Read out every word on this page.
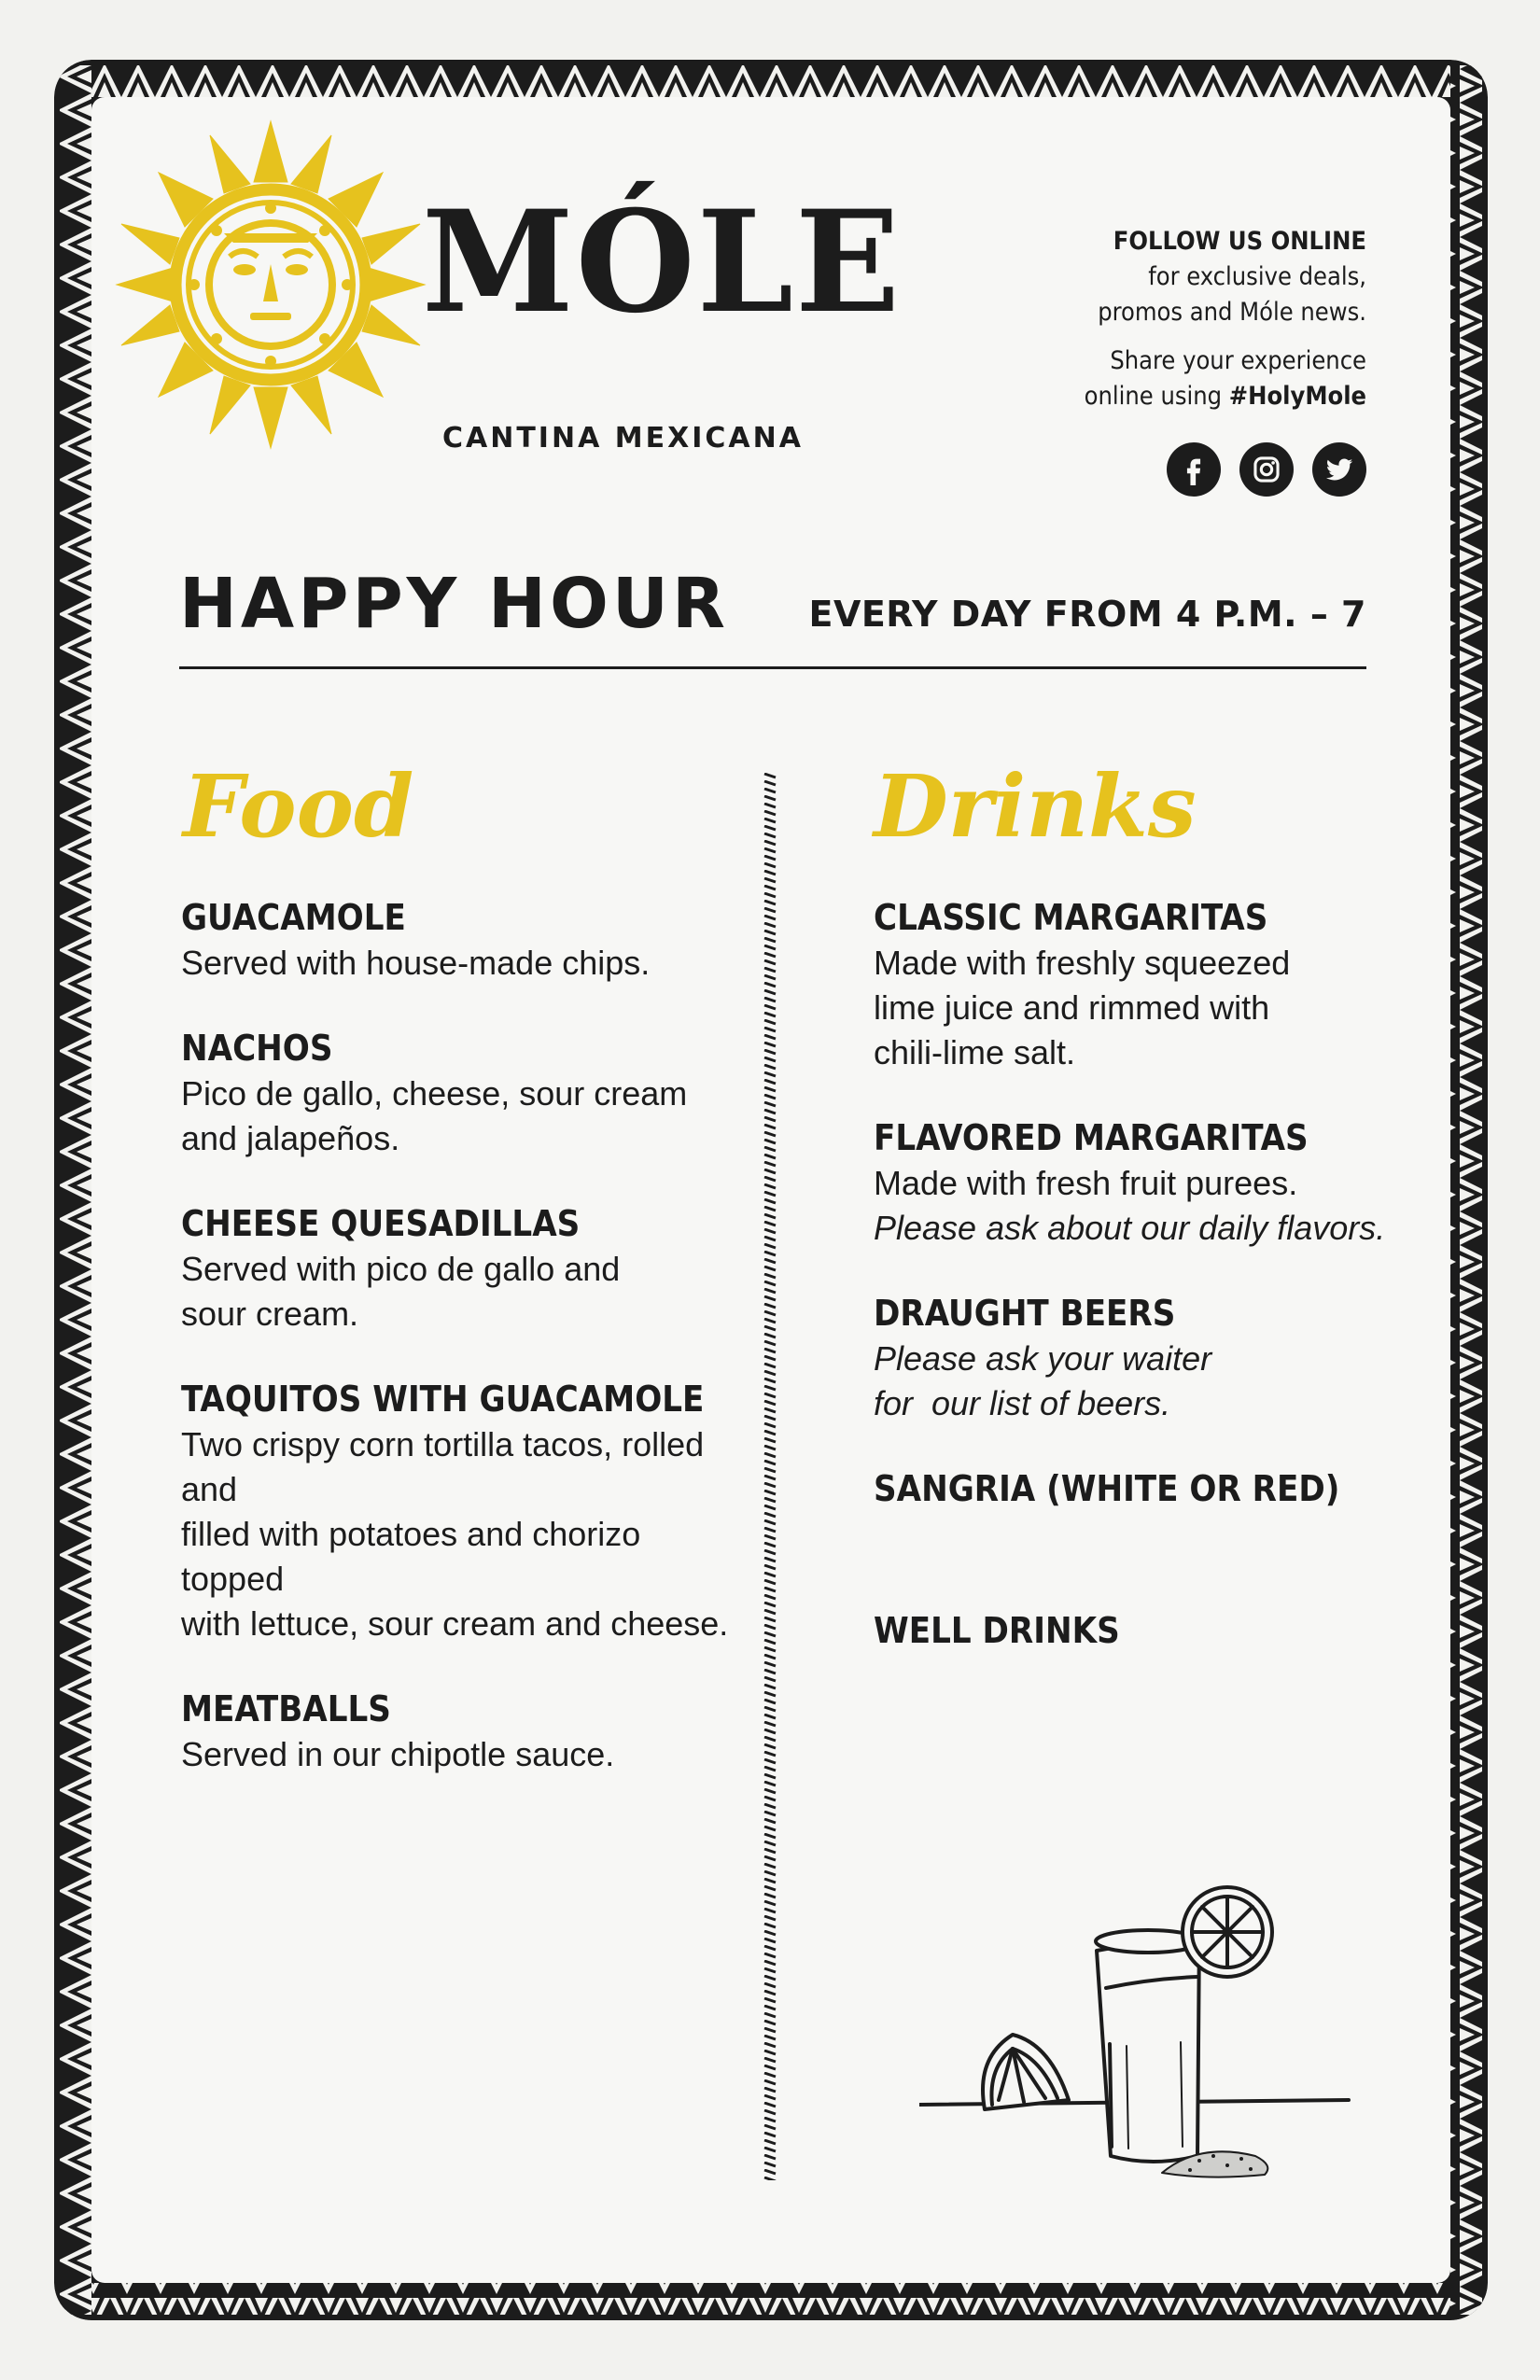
MÓLE
CANTINA MEXICANA
FOLLOW US ONLINE
for exclusive deals,
promos and Móle news.
Share your experience
online using #HolyMole
HAPPY HOUR EVERY DAY FROM 4 P.M. – 7
Food	Drinks
GUACAMOLE
Served with house-made chips.
NACHOS
Pico de gallo, cheese, sour cream
and jalapeños.
CHEESE QUESADILLAS
Served with pico de gallo and
sour cream.
TAQUITOS WITH GUACAMOLE
Two crispy corn tortilla tacos, rolled and
filled with potatoes and chorizo topped
with lettuce, sour cream and cheese.
MEATBALLS
Served in our chipotle sauce.
CLASSIC MARGARITAS
Made with freshly squeezed
lime juice and rimmed with
chili-lime salt.
FLAVORED MARGARITAS
Made with fresh fruit purees.
Please ask about our daily flavors.
DRAUGHT BEERS
Please ask your waiter
for  our list of beers.
SANGRIA (WHITE OR RED)
WELL DRINKS
